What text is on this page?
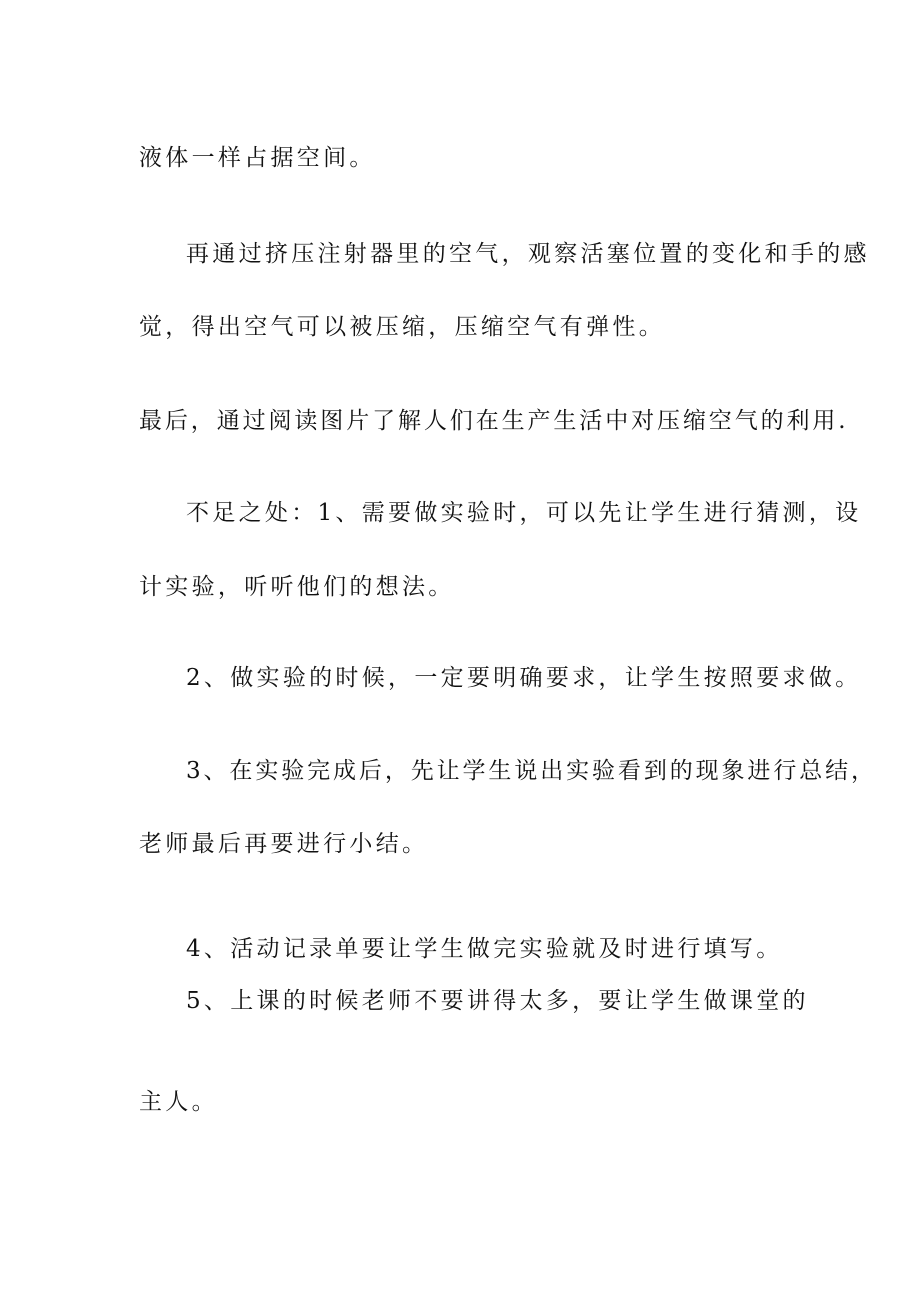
液体一样占据空间。

再通过挤压注射器里的空气，观察活塞位置的变化和手的感

觉，得出空气可以被压缩，压缩空气有弹性。

最后，通过阅读图片了解人们在生产生活中对压缩空气的利用.

不足之处：1、需要做实验时，可以先让学生进行猜测，设

计实验，听听他们的想法。

2、做实验的时候，一定要明确要求，让学生按照要求做。

3、在实验完成后，先让学生说出实验看到的现象进行总结，

老师最后再要进行小结。

4、活动记录单要让学生做完实验就及时进行填写。

5、上课的时候老师不要讲得太多，要让学生做课堂的

主人。
